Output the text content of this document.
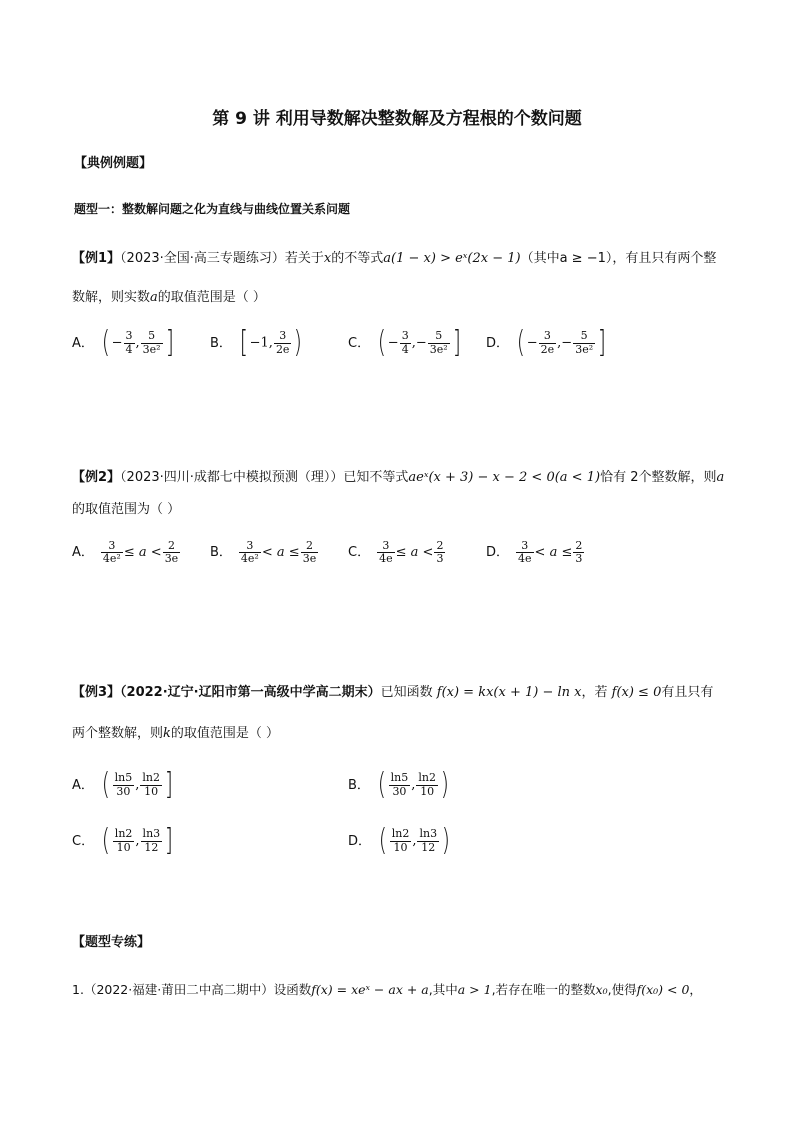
第 9 讲 利用导数解决整数解及方程根的个数问题
【典例例题】
题型一：整数解问题之化为直线与曲线位置关系问题
【例1】（2023·全国·高三专题练习）若关于x的不等式a(1 − x) > eˣ(2x − 1)（其中a ≥ −1），有且只有两个整
数解，则实数a的取值范围是（ ）
A． ( − $\frac{3}{4}$ , $\frac{5}{\text{3e²}}$ ]	B． [ −1, $\frac{3}{2e}$ )	C． ( − $\frac{3}{4}$ ,− $\frac{5}{\text{3e²}}$ ] D． ( − $\frac{3}{2e}$ ,− $\frac{5}{\text{3e²}}$ ]
【例2】（2023·四川·成都七中模拟预测（理））已知不等式aeˣ(x + 3) − x − 2 < 0(a < 1)恰有 2个整数解，则a
的取值范围为（ ）
A． $\frac{3}{\text{4e²}} \le a < \frac{2}{3e}$ B． $\frac{3}{\text{4e²}} < a \le \frac{2}{3e}$ C． $\frac{3}{4e} \le a < \frac{2}{3}$	D． $\frac{3}{4e} < a \le \frac{2}{3}$
【例3】（2022·辽宁·辽阳市第一高级中学高二期末）已知函数 f(x) = kx(x + 1) − ln x，若 f(x) ≤ 0有且只有
两个整数解，则k的取值范围是（ ）
A． ( $\frac{\ln 5}{30}$ , $\frac{\ln 2}{10}$ ]	B． ( $\frac{\ln 5}{30}$ , $\frac{\ln 2}{10}$ )
C． ( $\frac{\ln 2}{10}$ , $\frac{\ln 3}{12}$ ]	D． ( $\frac{\ln 2}{10}$ , $\frac{\ln 3}{12}$ )
【题型专练】
1.（2022·福建·莆田二中高二期中）设函数f(x) = xeˣ − ax + a,其中a > 1,若存在唯一的整数x₀,使得f(x₀) < 0，
